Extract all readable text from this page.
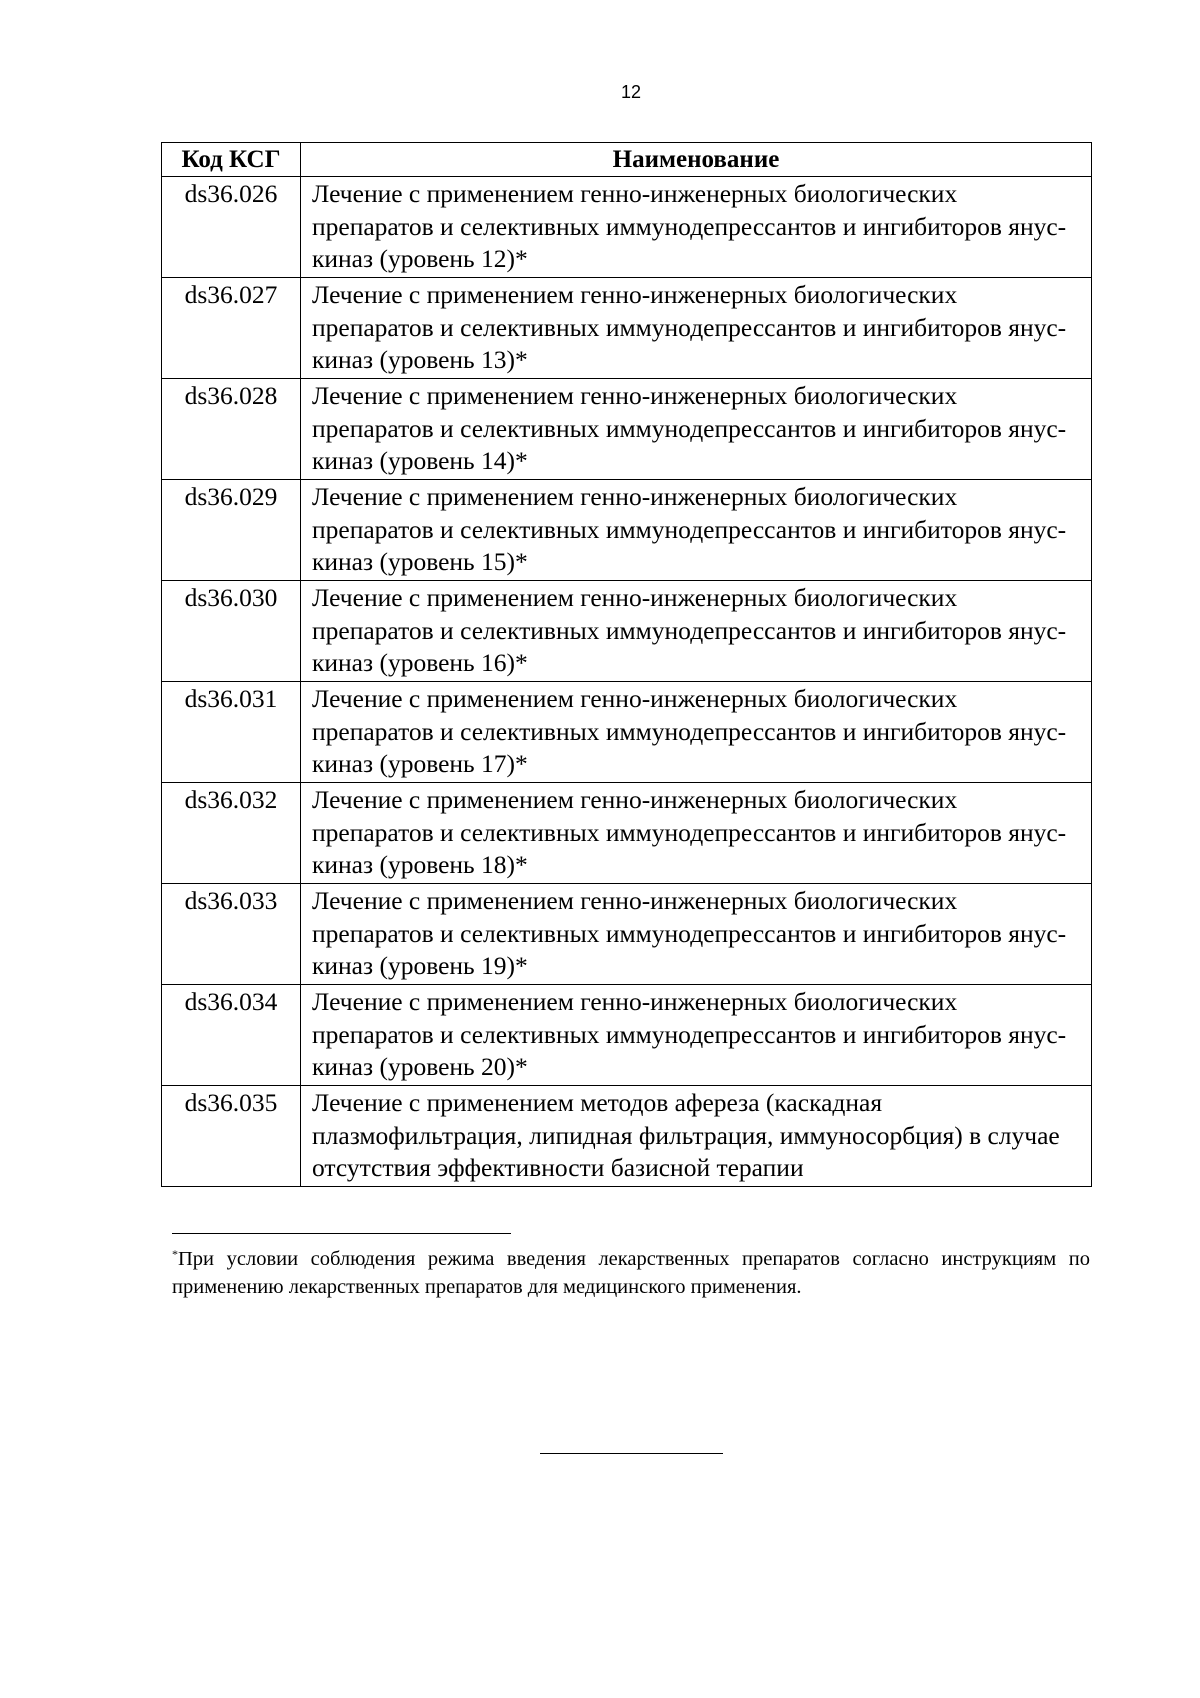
12
Код КСГ	Наименование
ds36.026	Лечение с применением генно-инженерных биологических препаратов и селективных иммунодепрессантов и ингибиторов янус-киназ (уровень 12)*
ds36.027	Лечение с применением генно-инженерных биологических препаратов и селективных иммунодепрессантов и ингибиторов янус-киназ (уровень 13)*
ds36.028	Лечение с применением генно-инженерных биологических препаратов и селективных иммунодепрессантов и ингибиторов янус-киназ (уровень 14)*
ds36.029	Лечение с применением генно-инженерных биологических препаратов и селективных иммунодепрессантов и ингибиторов янус-киназ (уровень 15)*
ds36.030	Лечение с применением генно-инженерных биологических препаратов и селективных иммунодепрессантов и ингибиторов янус-киназ (уровень 16)*
ds36.031	Лечение с применением генно-инженерных биологических препаратов и селективных иммунодепрессантов и ингибиторов янус-киназ (уровень 17)*
ds36.032	Лечение с применением генно-инженерных биологических препаратов и селективных иммунодепрессантов и ингибиторов янус-киназ (уровень 18)*
ds36.033	Лечение с применением генно-инженерных биологических препаратов и селективных иммунодепрессантов и ингибиторов янус-киназ (уровень 19)*
ds36.034	Лечение с применением генно-инженерных биологических препаратов и селективных иммунодепрессантов и ингибиторов янус-киназ (уровень 20)*
ds36.035	Лечение с применением методов афереза (каскадная плазмофильтрация, липидная фильтрация, иммуносорбция) в случае отсутствия эффективности базисной терапии
*При условии соблюдения режима введения лекарственных препаратов согласно инструкциям по применению лекарственных препаратов для медицинского применения.
